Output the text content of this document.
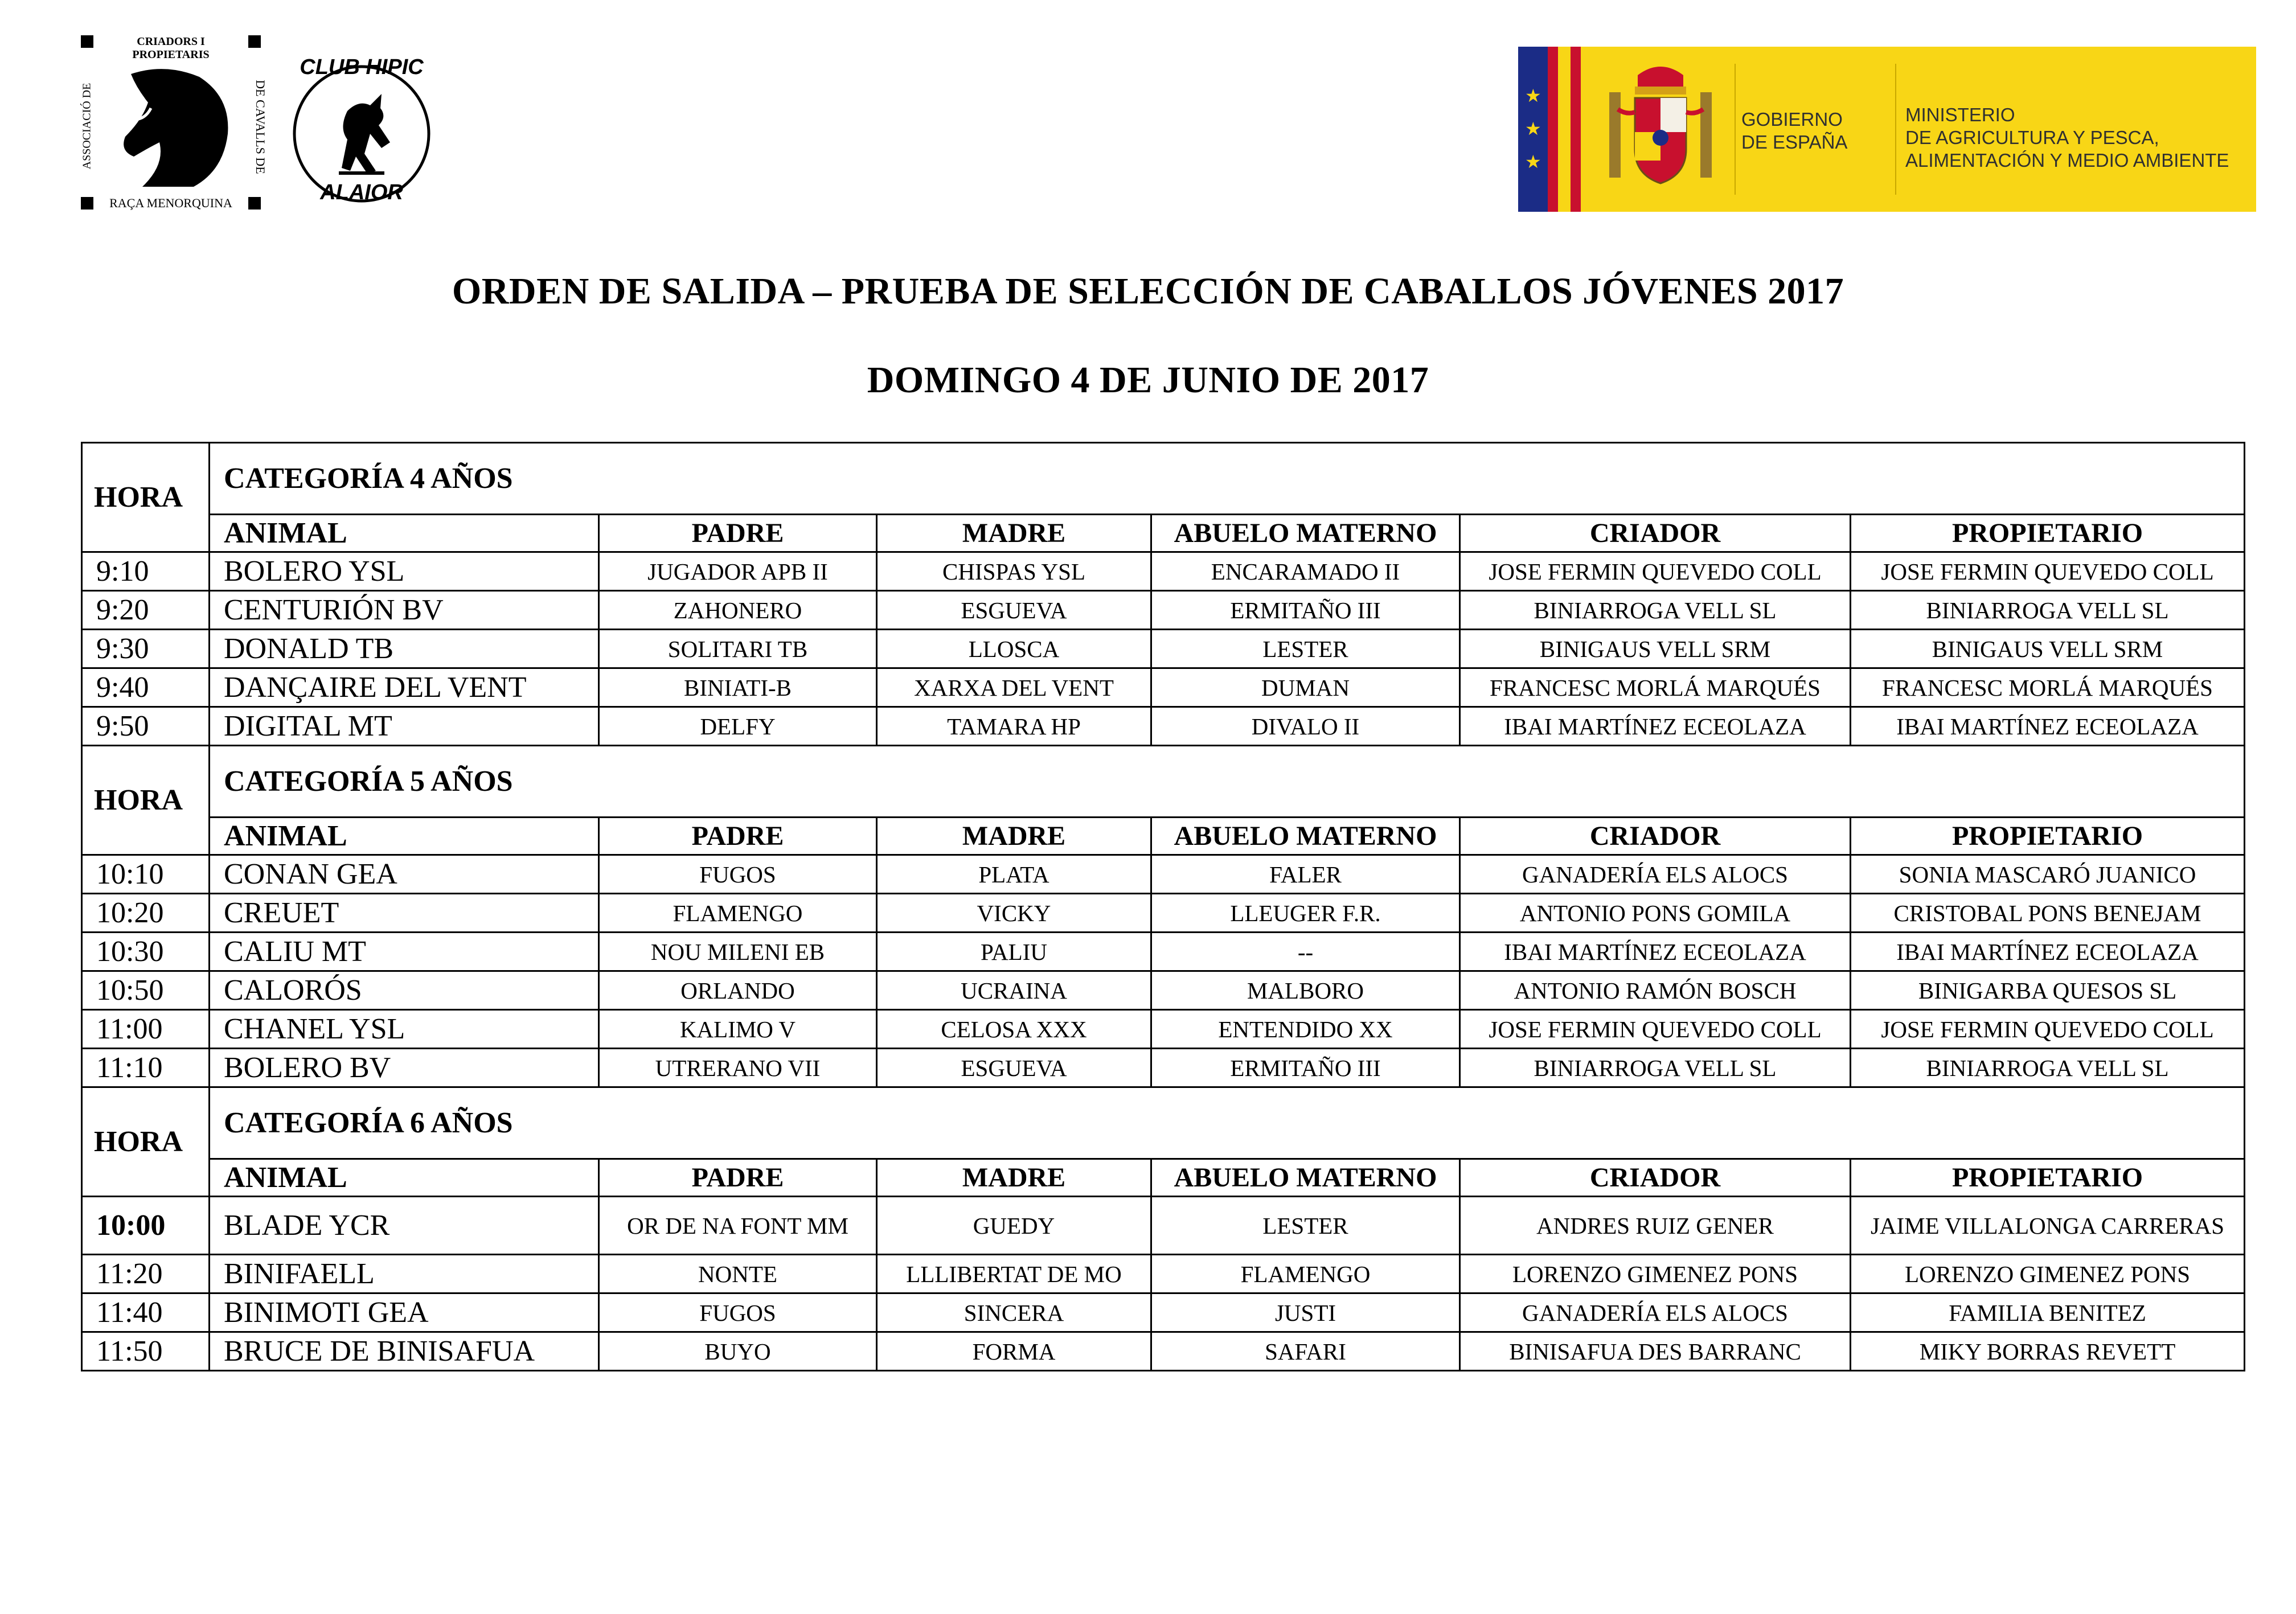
CRIADORS I PROPIETARIS
RAÇA MENORQUINA
ASSOCIACIÓ DE	DE CAVALLS DE
CLUB HIPIC
ALAIOR
★
★
★
GOBIERNO
DE ESPAÑA
MINISTERIO
DE AGRICULTURA Y PESCA,
ALIMENTACIÓN Y MEDIO AMBIENTE
ORDEN DE SALIDA – PRUEBA DE SELECCIÓN DE CABALLOS JÓVENES 2017
DOMINGO 4 DE JUNIO DE 2017
HORA	CATEGORÍA 4 AÑOS					
	ANIMAL	PADRE	MADRE	ABUELO MATERNO	CRIADOR	PROPIETARIO
9:10	BOLERO YSL	JUGADOR APB II	CHISPAS YSL	ENCARAMADO II	JOSE FERMIN QUEVEDO COLL	JOSE FERMIN QUEVEDO COLL
9:20	CENTURIÓN BV	ZAHONERO	ESGUEVA	ERMITAÑO III	BINIARROGA VELL SL	BINIARROGA VELL SL
9:30	DONALD TB	SOLITARI TB	LLOSCA	LESTER	BINIGAUS VELL SRM	BINIGAUS VELL SRM
9:40	DANÇAIRE DEL VENT	BINIATI-B	XARXA DEL VENT	DUMAN	FRANCESC MORLÁ MARQUÉS	FRANCESC MORLÁ MARQUÉS
9:50	DIGITAL MT	DELFY	TAMARA HP	DIVALO II	IBAI MARTÍNEZ ECEOLAZA	IBAI MARTÍNEZ ECEOLAZA
HORA	CATEGORÍA 5 AÑOS					
	ANIMAL	PADRE	MADRE	ABUELO MATERNO	CRIADOR	PROPIETARIO
10:10	CONAN GEA	FUGOS	PLATA	FALER	GANADERÍA ELS ALOCS	SONIA MASCARÓ JUANICO
10:20	CREUET	FLAMENGO	VICKY	LLEUGER F.R.	ANTONIO PONS GOMILA	CRISTOBAL PONS BENEJAM
10:30	CALIU MT	NOU MILENI EB	PALIU	--	IBAI MARTÍNEZ ECEOLAZA	IBAI MARTÍNEZ ECEOLAZA
10:50	CALORÓS	ORLANDO	UCRAINA	MALBORO	ANTONIO RAMÓN BOSCH	BINIGARBA QUESOS SL
11:00	CHANEL YSL	KALIMO V	CELOSA XXX	ENTENDIDO XX	JOSE FERMIN QUEVEDO COLL	JOSE FERMIN QUEVEDO COLL
11:10	BOLERO BV	UTRERANO VII	ESGUEVA	ERMITAÑO III	BINIARROGA VELL SL	BINIARROGA VELL SL
HORA	CATEGORÍA 6 AÑOS					
	ANIMAL	PADRE	MADRE	ABUELO MATERNO	CRIADOR	PROPIETARIO
10:00	BLADE YCR	OR DE NA FONT MM	GUEDY	LESTER	ANDRES RUIZ GENER	JAIME VILLALONGA CARRERAS
11:20	BINIFAELL	NONTE	LLLIBERTAT DE MO	FLAMENGO	LORENZO GIMENEZ PONS	LORENZO GIMENEZ PONS
11:40	BINIMOTI GEA	FUGOS	SINCERA	JUSTI	GANADERÍA ELS ALOCS	FAMILIA BENITEZ
11:50	BRUCE DE BINISAFUA	BUYO	FORMA	SAFARI	BINISAFUA DES BARRANC	MIKY BORRAS REVETT
